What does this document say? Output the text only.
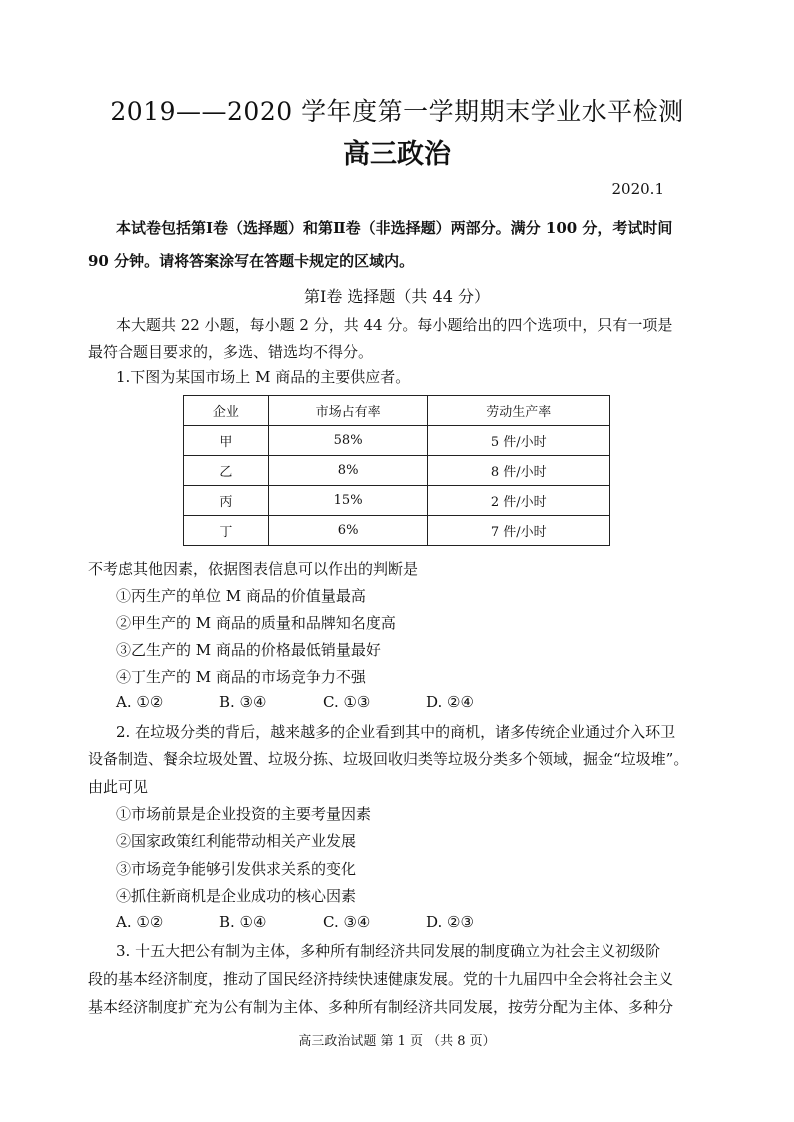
2019——2020 学年度第一学期期末学业水平检测
高三政治
2020.1
本试卷包括第Ⅰ卷（选择题）和第Ⅱ卷（非选择题）两部分。满分 100 分，考试时间
90 分钟。请将答案涂写在答题卡规定的区域内。
第Ⅰ卷 选择题（共 44 分）
本大题共 22 小题，每小题 2 分，共 44 分。每小题给出的四个选项中，只有一项是
最符合题目要求的，多选、错选均不得分。
1.下图为某国市场上 M 商品的主要供应者。
企业	市场占有率	劳动生产率
甲	58%	5 件/小时
乙	8%	8 件/小时
丙	15%	2 件/小时
丁	6%	7 件/小时
不考虑其他因素，依据图表信息可以作出的判断是
①丙生产的单位 M 商品的价值量最高
②甲生产的 M 商品的质量和品牌知名度高
③乙生产的 M 商品的价格最低销量最好
④丁生产的 M 商品的市场竞争力不强
A. ①②	B. ③④	C. ①③	D. ②④
2. 在垃圾分类的背后，越来越多的企业看到其中的商机，诸多传统企业通过介入环卫
设备制造、餐余垃圾处置、垃圾分拣、垃圾回收归类等垃圾分类多个领域，掘金“垃圾堆”。
由此可见
①市场前景是企业投资的主要考量因素
②国家政策红利能带动相关产业发展
③市场竞争能够引发供求关系的变化
④抓住新商机是企业成功的核心因素
A. ①②	B. ①④	C. ③④	D. ②③
3. 十五大把公有制为主体，多种所有制经济共同发展的制度确立为社会主义初级阶
段的基本经济制度，推动了国民经济持续快速健康发展。党的十九届四中全会将社会主义
基本经济制度扩充为公有制为主体、多种所有制经济共同发展，按劳分配为主体、多种分
高三政治试题 第 1 页 （共 8 页）
